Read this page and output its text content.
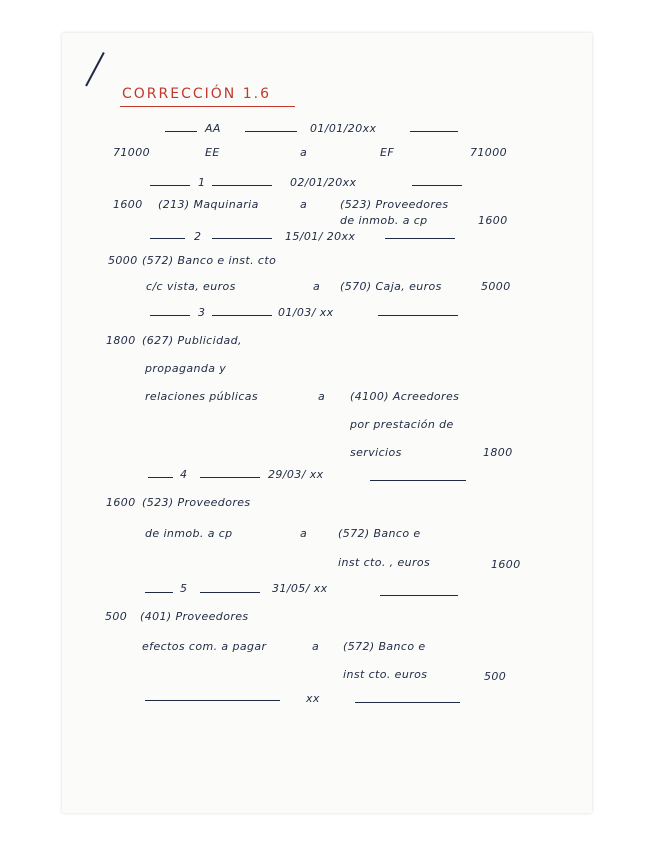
CORRECCIÓN 1.6
AA	01/01/20xx
71000	EE	a	EF	71000
1	02/01/20xx
1600 (213) Maquinaria	a	(523) Proveedores
de inmob. a cp	1600
2	15/01/ 20xx
5000 (572) Banco e inst. cto
c/c vista, euros	a (570) Caja, euros	5000
3	01/03/ xx
1800 (627) Publicidad,
propaganda y
relaciones públicas	a (4100) Acreedores
por prestación de
servicios	1800
4	29/03/ xx
1600 (523) Proveedores
de inmob. a cp	a	(572) Banco e
inst cto. , euros	1600
5	31/05/ xx
500 (401) Proveedores
efectos com. a pagar	a (572) Banco e
inst cto. euros	500
xx
